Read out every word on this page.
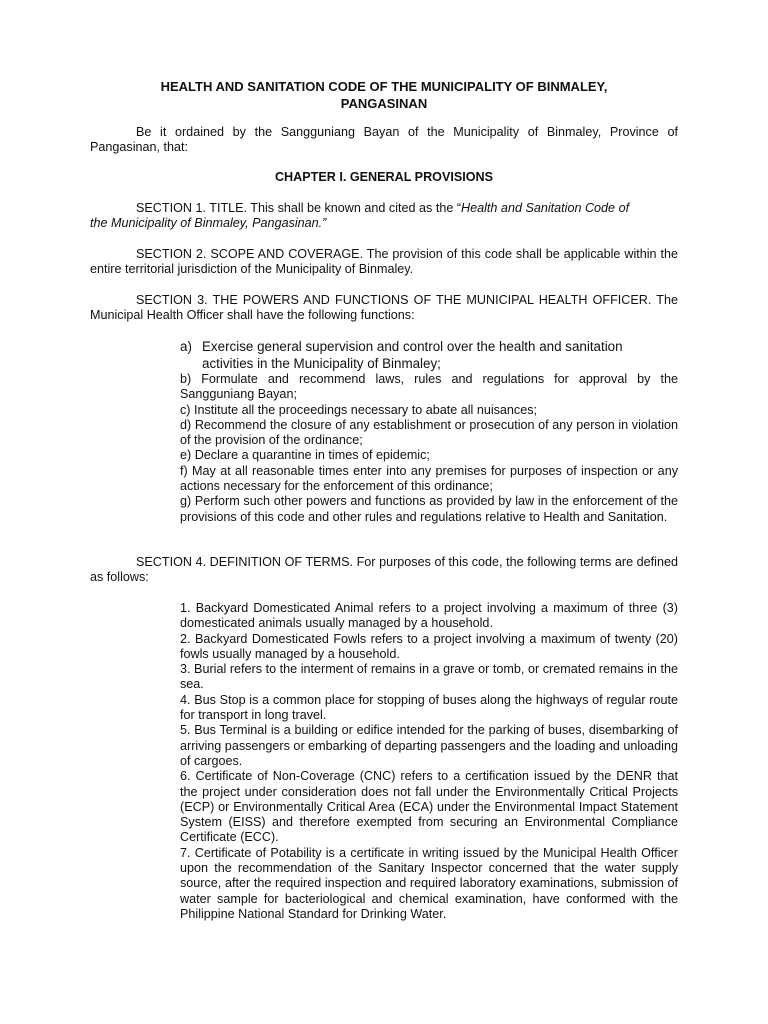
HEALTH AND SANITATION CODE OF THE MUNICIPALITY OF BINMALEY,
PANGASINAN

Be it ordained by the Sangguniang Bayan of the Municipality of Binmaley, Province of Pangasinan, that:

CHAPTER I. GENERAL PROVISIONS

SECTION 1. TITLE. This shall be known and cited as the “Health and Sanitation Code of the Municipality of Binmaley, Pangasinan.”

SECTION 2. SCOPE AND COVERAGE. The provision of this code shall be applicable within the entire territorial jurisdiction of the Municipality of Binmaley.

SECTION 3. THE POWERS AND FUNCTIONS OF THE MUNICIPAL HEALTH OFFICER. The Municipal Health Officer shall have the following functions:

a) Exercise general supervision and control over the health and sanitation
activities in the Municipality of Binmaley;
b) Formulate and recommend laws, rules and regulations for approval by the Sangguniang Bayan;
c) Institute all the proceedings necessary to abate all nuisances;
d) Recommend the closure of any establishment or prosecution of any person in violation of the provision of the ordinance;
e) Declare a quarantine in times of epidemic;
f) May at all reasonable times enter into any premises for purposes of inspection or any actions necessary for the enforcement of this ordinance;
g) Perform such other powers and functions as provided by law in the enforcement of the provisions of this code and other rules and regulations relative to Health and Sanitation.

SECTION 4. DEFINITION OF TERMS. For purposes of this code, the following terms are defined as follows:

1. Backyard Domesticated Animal refers to a project involving a maximum of three (3) domesticated animals usually managed by a household.
2. Backyard Domesticated Fowls refers to a project involving a maximum of twenty (20) fowls usually managed by a household.
3. Burial refers to the interment of remains in a grave or tomb, or cremated remains in the sea.
4. Bus Stop is a common place for stopping of buses along the highways of regular route for transport in long travel.
5. Bus Terminal is a building or edifice intended for the parking of buses, disembarking of arriving passengers or embarking of departing passengers and the loading and unloading of cargoes.
6. Certificate of Non-Coverage (CNC) refers to a certification issued by the DENR that the project under consideration does not fall under the Environmentally Critical Projects (ECP) or Environmentally Critical Area (ECA) under the Environmental Impact Statement System (EISS) and therefore exempted from securing an Environmental Compliance Certificate (ECC).
7. Certificate of Potability is a certificate in writing issued by the Municipal Health Officer upon the recommendation of the Sanitary Inspector concerned that the water supply source, after the required inspection and required laboratory examinations, submission of water sample for bacteriological and chemical examination, have conformed with the Philippine National Standard for Drinking Water.
